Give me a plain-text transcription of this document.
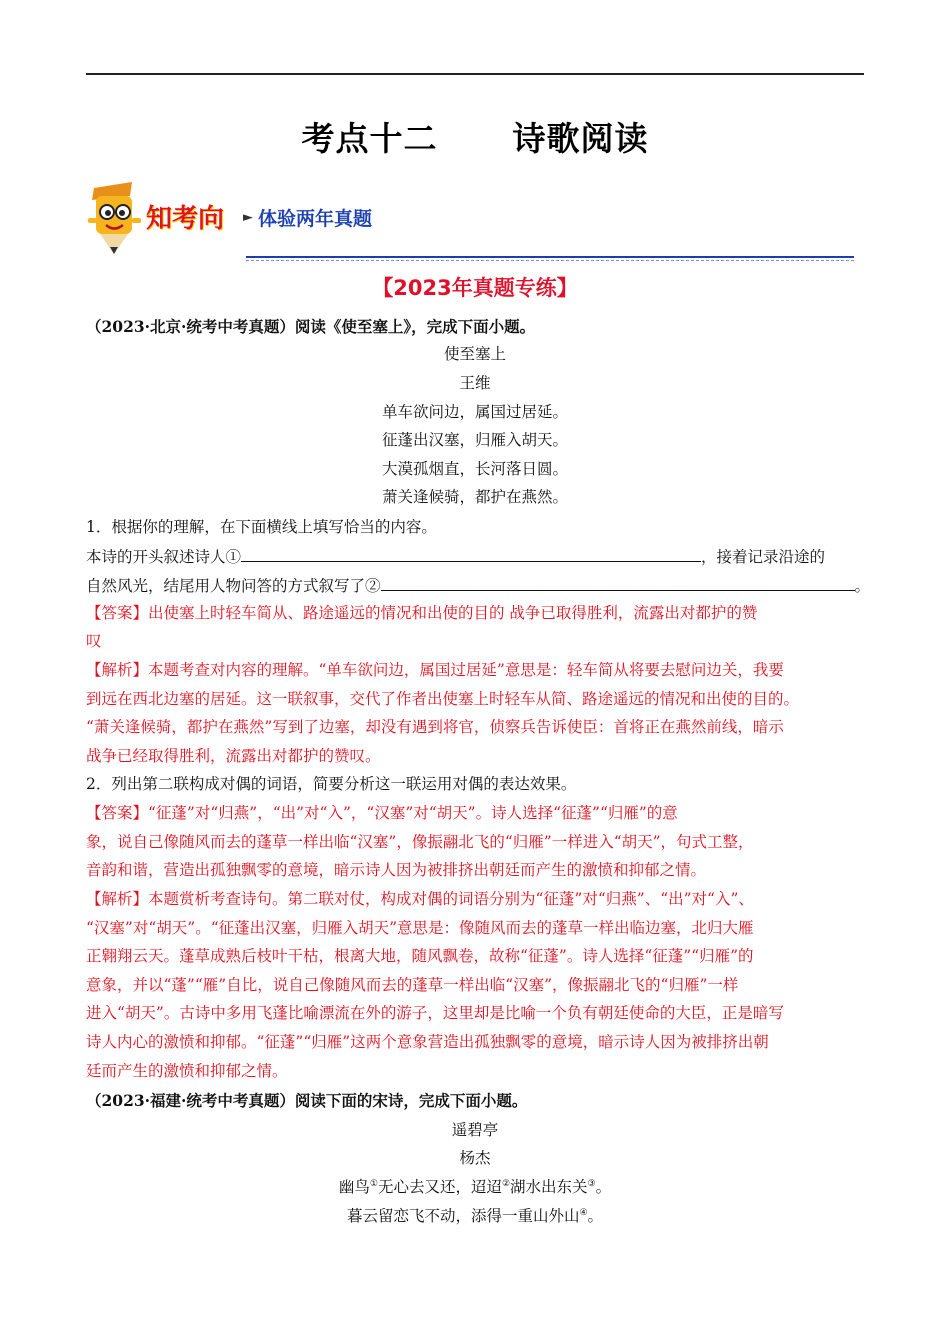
考点十二      诗歌阅读
知考向 ► 体验两年真题
【2023年真题专练】
（2023·北京·统考中考真题）阅读《使至塞上》，完成下面小题。
使至塞上
王维
单车欲问边，属国过居延。
征蓬出汉塞，归雁入胡天。
大漠孤烟直，长河落日圆。
萧关逢候骑，都护在燕然。
1．根据你的理解，在下面横线上填写恰当的内容。
本诗的开头叙述诗人①	，接着记录沿途的
自然风光，结尾用人物问答的方式叙写了②	。
【答案】出使塞上时轻车简从、路途遥远的情况和出使的目的 战争已取得胜利，流露出对都护的赞
叹
【解析】本题考查对内容的理解。“单车欲问边，属国过居延”意思是：轻车简从将要去慰问边关，我要
到远在西北边塞的居延。这一联叙事，交代了作者出使塞上时轻车从简、路途遥远的情况和出使的目的。
“萧关逢候骑，都护在燕然”写到了边塞，却没有遇到将官，侦察兵告诉使臣：首将正在燕然前线，暗示
战争已经取得胜利，流露出对都护的赞叹。
2．列出第二联构成对偶的词语，简要分析这一联运用对偶的表达效果。
【答案】“征蓬”对“归燕”，“出”对“入”，“汉塞”对“胡天”。诗人选择“征蓬”“归雁”的意
象，说自己像随风而去的蓬草一样出临“汉塞”，像振翮北飞的“归雁”一样进入“胡天”，句式工整，
音韵和谐，营造出孤独飘零的意境，暗示诗人因为被排挤出朝廷而产生的激愤和抑郁之情。
【解析】本题赏析考查诗句。第二联对仗，构成对偶的词语分别为“征蓬”对“归燕”、“出”对“入”、
“汉塞”对“胡天”。“征蓬出汉塞，归雁入胡天”意思是：像随风而去的蓬草一样出临边塞，北归大雁
正翱翔云天。蓬草成熟后枝叶干枯，根离大地，随风飘卷，故称“征蓬”。诗人选择“征蓬”“归雁”的
意象，并以“蓬”“雁”自比，说自己像随风而去的蓬草一样出临“汉塞”，像振翮北飞的“归雁”一样
进入“胡天”。古诗中多用飞蓬比喻漂流在外的游子，这里却是比喻一个负有朝廷使命的大臣，正是暗写
诗人内心的激愤和抑郁。“征蓬”“归雁”这两个意象营造出孤独飘零的意境，暗示诗人因为被排挤出朝
廷而产生的激愤和抑郁之情。
（2023·福建·统考中考真题）阅读下面的宋诗，完成下面小题。
遥碧亭
杨杰
幽鸟①无心去又还，迢迢②湖水出东关③。
暮云留恋飞不动，添得一重山外山④。
